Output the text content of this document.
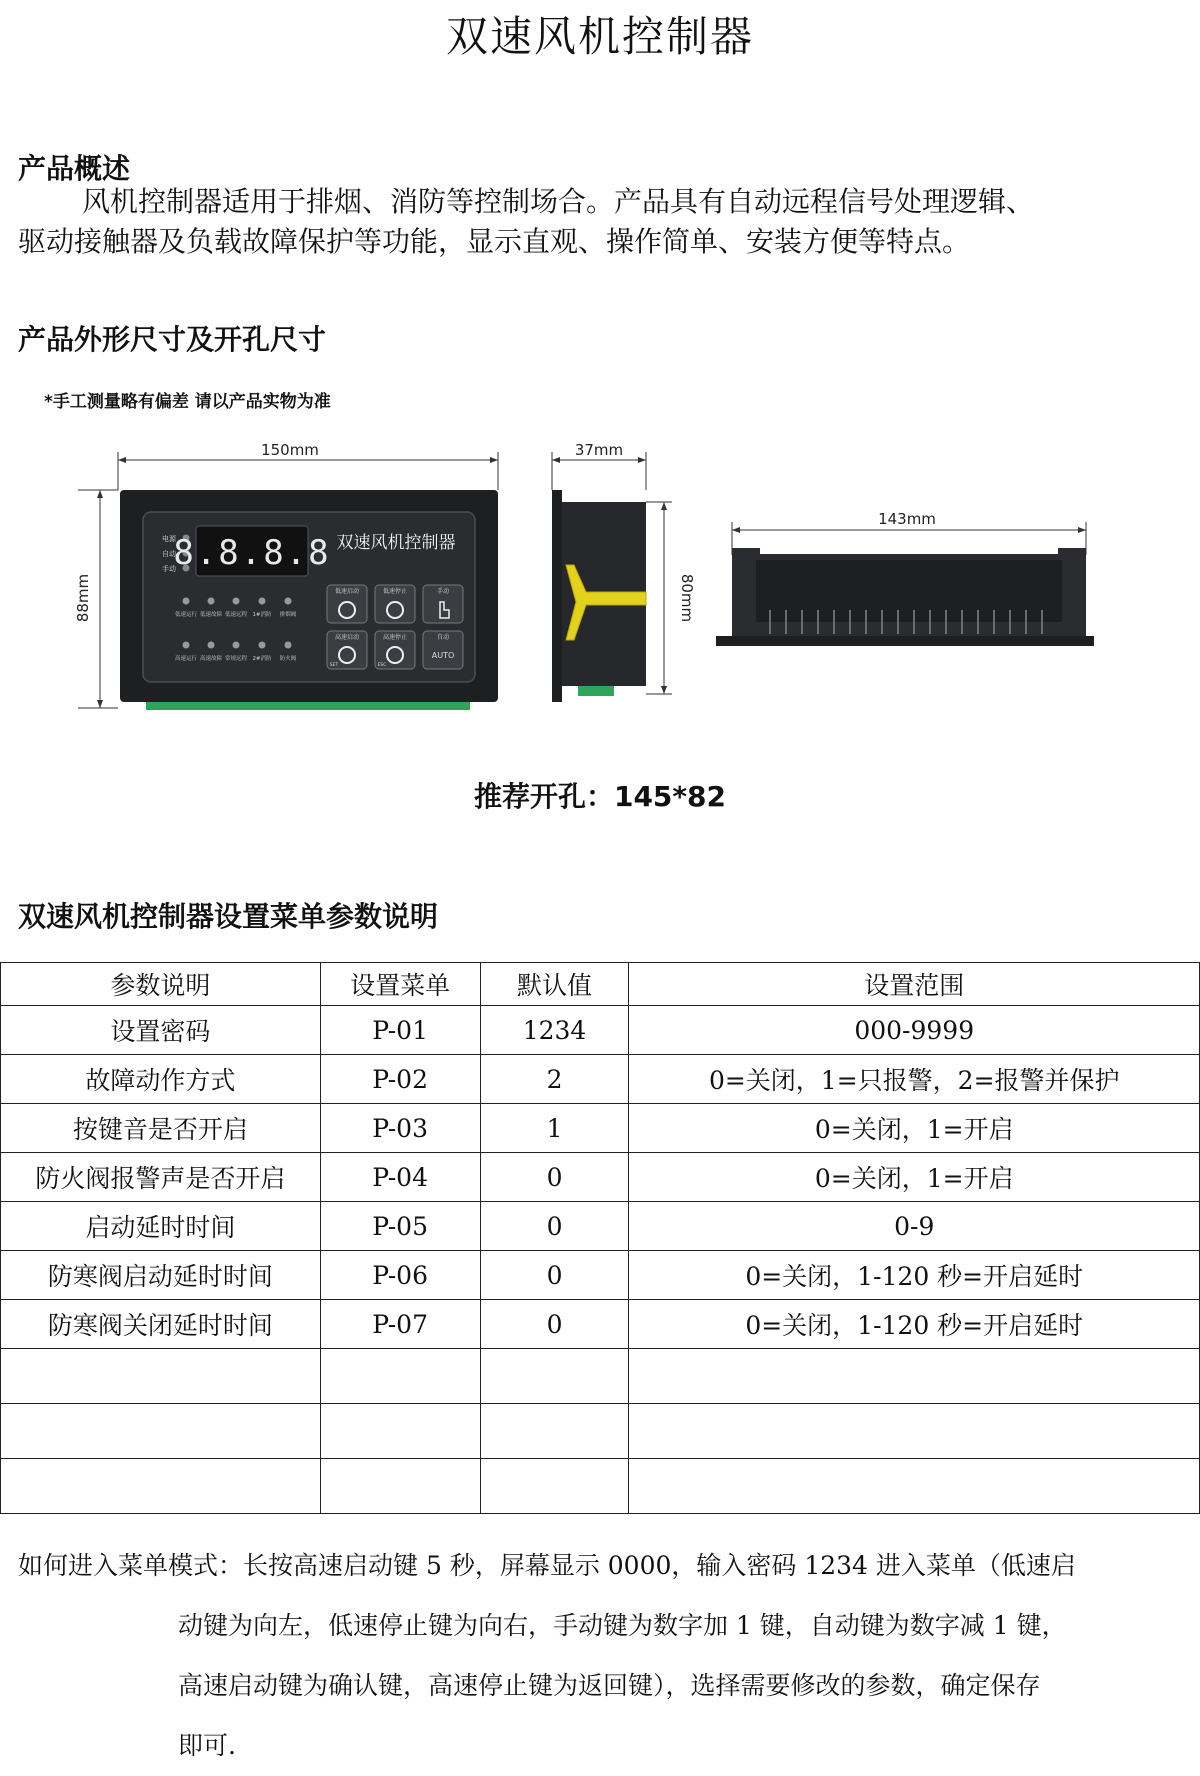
双速风机控制器
产品概述
风机控制器适用于排烟、消防等控制场合。产品具有自动远程信号处理逻辑、
驱动接触器及负载故障保护等功能，显示直观、操作简单、安装方便等特点。
产品外形尺寸及开孔尺寸
*手工测量略有偏差 请以产品实物为准
150mm
88mm
电源
自动
手动
8.8.8.8 双速风机控制器
低速运行 低速故障 低速远程 1#消防 排烟阀
高速运行 高速故障 常规远程 2#消防 防火阀
低速启动	低速停止	手动
高速启动
SET
高速停止
ESC
自动
AUTO
37mm
80mm
143mm
推荐开孔：145*82
双速风机控制器设置菜单参数说明
参数说明	设置菜单	默认值	设置范围
设置密码	P-01	1234	000-9999
故障动作方式	P-02	2	0=关闭，1=只报警，2=报警并保护
按键音是否开启	P-03	1	0=关闭，1=开启
防火阀报警声是否开启	P-04	0	0=关闭，1=开启
启动延时时间	P-05	0	0-9
防寒阀启动延时时间	P-06	0	0=关闭，1-120 秒=开启延时
防寒阀关闭延时时间	P-07	0	0=关闭，1-120 秒=开启延时

如何进入菜单模式：长按高速启动键 5 秒，屏幕显示 0000，输入密码 1234 进入菜单（低速启
动键为向左，低速停止键为向右，手动键为数字加 1 键，自动键为数字减 1 键，
高速启动键为确认键，高速停止键为返回键），选择需要修改的参数，确定保存
即可.
